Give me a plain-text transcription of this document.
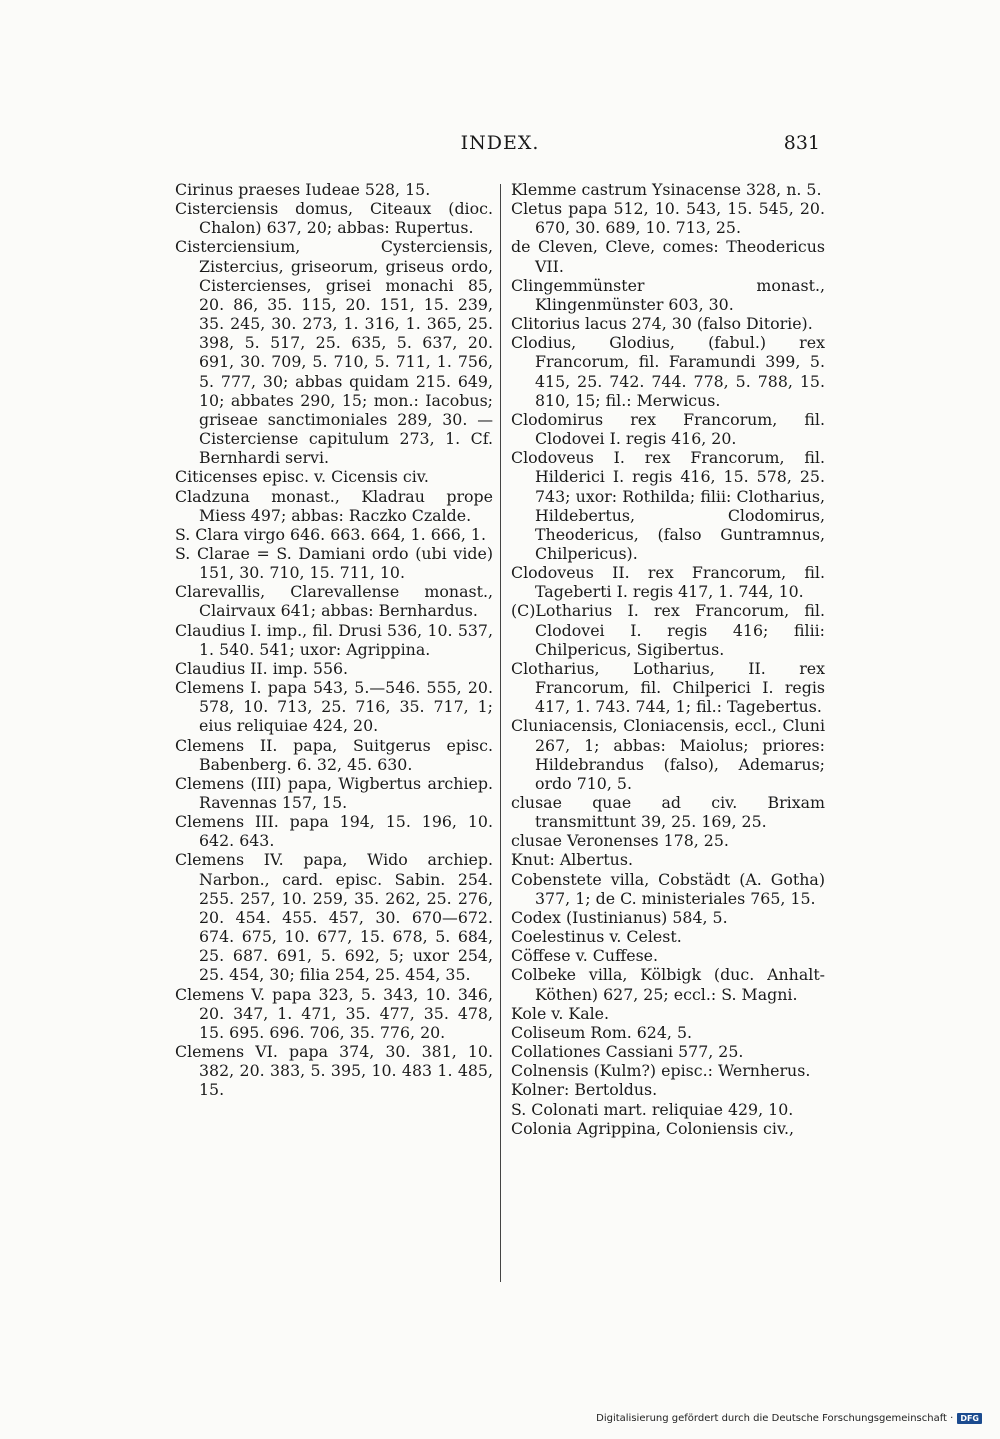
INDEX.	831
Cirinus praeses Iudeae 528, 15.
Cisterciensis domus, Citeaux (dioc. Chalon) 637, 20; abbas: Rupertus.
Cisterciensium, Cysterciensis, Zistercius, griseorum, griseus ordo, Cistercienses, grisei monachi 85, 20. 86, 35. 115, 20. 151, 15. 239, 35. 245, 30. 273, 1. 316, 1. 365, 25. 398, 5. 517, 25. 635, 5. 637, 20. 691, 30. 709, 5. 710, 5. 711, 1. 756, 5. 777, 30; abbas quidam 215. 649, 10; abbates 290, 15; mon.: Iacobus; griseae sanctimoniales 289, 30. — Cisterciense capitulum 273, 1. Cf. Bernhardi servi.
Citicenses episc. v. Cicensis civ.
Cladzuna monast., Kladrau prope Miess 497; abbas: Raczko Czalde.
S. Clara virgo 646. 663. 664, 1. 666, 1.
S. Clarae = S. Damiani ordo (ubi vide) 151, 30. 710, 15. 711, 10.
Clarevallis, Clarevallense monast., Clairvaux 641; abbas: Bernhardus.
Claudius I. imp., fil. Drusi 536, 10. 537, 1. 540. 541; uxor: Agrippina.
Claudius II. imp. 556.
Clemens I. papa 543, 5.—546. 555, 20. 578, 10. 713, 25. 716, 35. 717, 1; eius reliquiae 424, 20.
Clemens II. papa, Suitgerus episc. Babenberg. 6. 32, 45. 630.
Clemens (III) papa, Wigbertus archiep. Ravennas 157, 15.
Clemens III. papa 194, 15. 196, 10. 642. 643.
Clemens IV. papa, Wido archiep. Narbon., card. episc. Sabin. 254. 255. 257, 10. 259, 35. 262, 25. 276, 20. 454. 455. 457, 30. 670—672. 674. 675, 10. 677, 15. 678, 5. 684, 25. 687. 691, 5. 692, 5; uxor 254, 25. 454, 30; filia 254, 25. 454, 35.
Clemens V. papa 323, 5. 343, 10. 346, 20. 347, 1. 471, 35. 477, 35. 478, 15. 695. 696. 706, 35. 776, 20.
Clemens VI. papa 374, 30. 381, 10. 382, 20. 383, 5. 395, 10. 483 1. 485, 15.
Klemme castrum Ysinacense 328, n. 5.
Cletus papa 512, 10. 543, 15. 545, 20. 670, 30. 689, 10. 713, 25.
de Cleven, Cleve, comes: Theodericus VII.
Clingemmünster monast., Klingenmünster 603, 30.
Clitorius lacus 274, 30 (falso Ditorie).
Clodius, Glodius, (fabul.) rex Francorum, fil. Faramundi 399, 5. 415, 25. 742. 744. 778, 5. 788, 15. 810, 15; fil.: Merwicus.
Clodomirus rex Francorum, fil. Clodovei I. regis 416, 20.
Clodoveus I. rex Francorum, fil. Hilderici I. regis 416, 15. 578, 25. 743; uxor: Rothilda; filii: Clotharius, Hildebertus, Clodomirus, Theodericus, (falso Guntramnus, Chilpericus).
Clodoveus II. rex Francorum, fil. Tageberti I. regis 417, 1. 744, 10.
(C)Lotharius I. rex Francorum, fil. Clodovei I. regis 416; filii: Chilpericus, Sigibertus.
Clotharius, Lotharius, II. rex Francorum, fil. Chilperici I. regis 417, 1. 743. 744, 1; fil.: Tagebertus.
Cluniacensis, Cloniacensis, eccl., Cluni 267, 1; abbas: Maiolus; priores: Hildebrandus (falso), Ademarus; ordo 710, 5.
clusae quae ad civ. Brixam transmittunt 39, 25. 169, 25.
clusae Veronenses 178, 25.
Knut: Albertus.
Cobenstete villa, Cobstädt (A. Gotha) 377, 1; de C. ministeriales 765, 15.
Codex (Iustinianus) 584, 5.
Coelestinus v. Celest.
Cöffese v. Cuffese.
Colbeke villa, Kölbigk (duc. Anhalt-Köthen) 627, 25; eccl.: S. Magni.
Kole v. Kale.
Coliseum Rom. 624, 5.
Collationes Cassiani 577, 25.
Colnensis (Kulm?) episc.: Wernherus.
Kolner: Bertoldus.
S. Colonati mart. reliquiae 429, 10.
Colonia Agrippina, Coloniensis civ.,
Digitalisierung gefördert durch die Deutsche Forschungsgemeinschaft · DFG
